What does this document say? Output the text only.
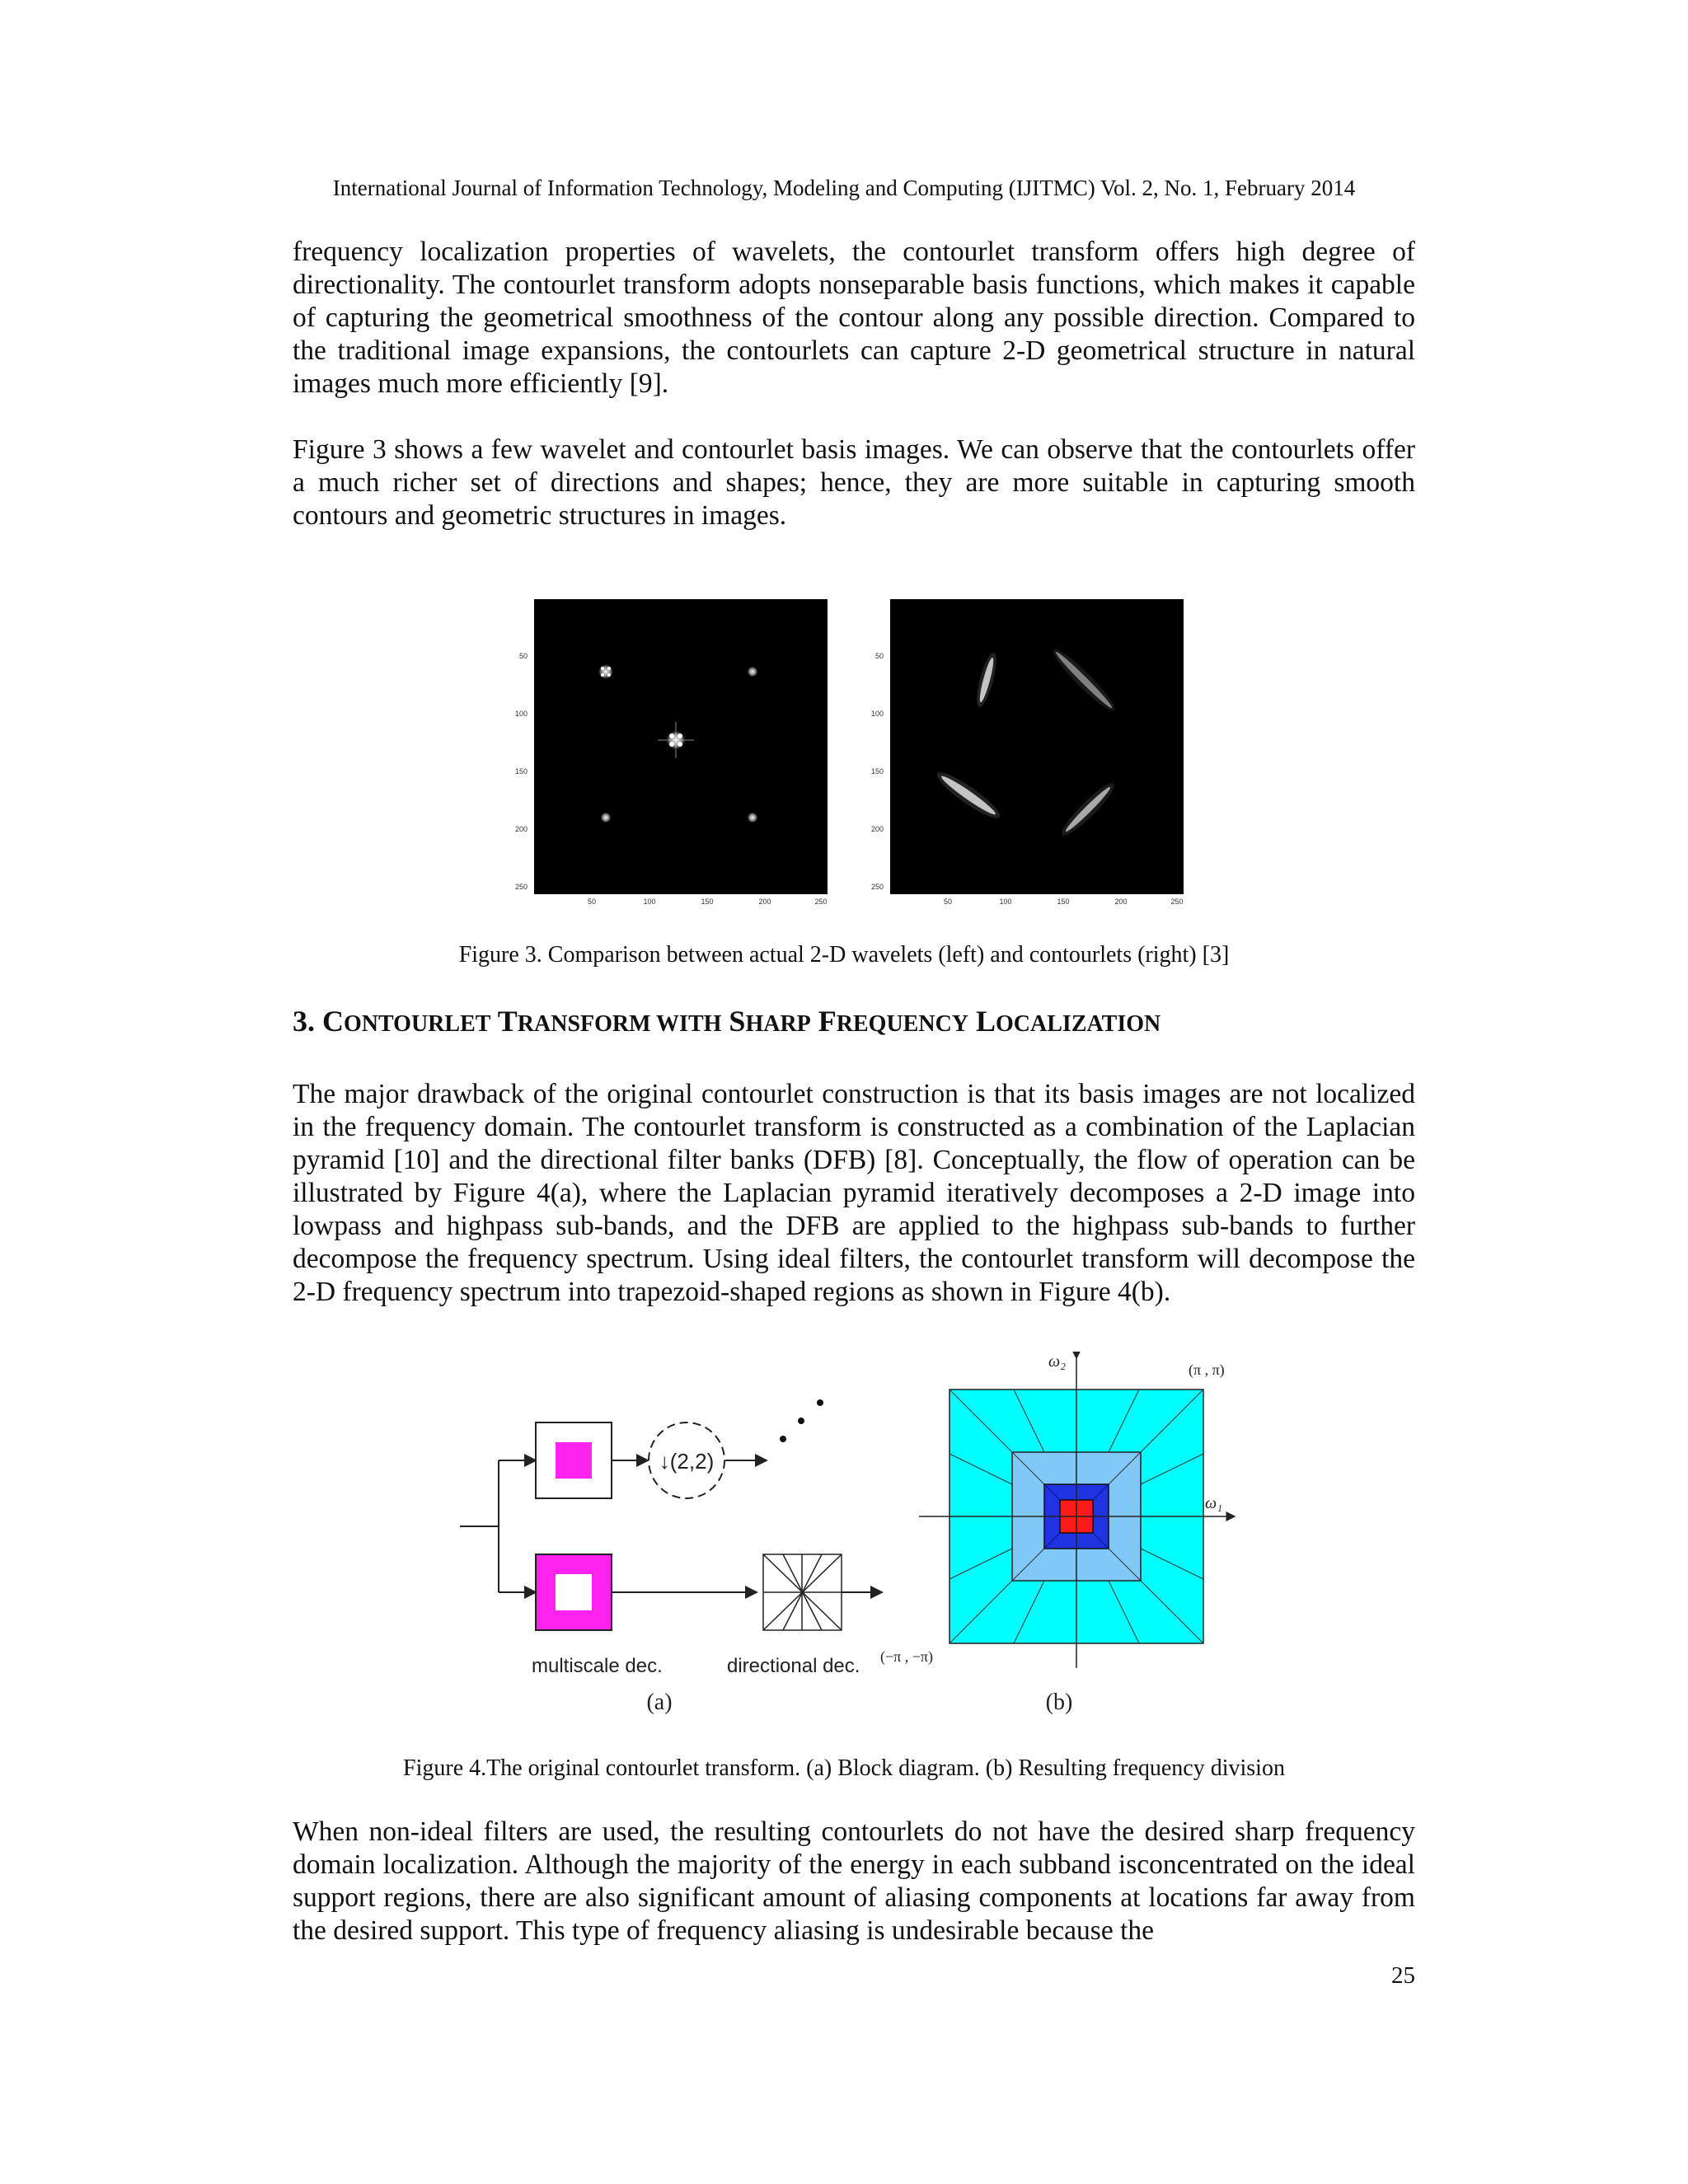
International Journal of Information Technology, Modeling and Computing (IJITMC) Vol. 2, No. 1, February 2014
frequency localization properties of wavelets, the contourlet transform offers high degree of directionality. The contourlet transform adopts nonseparable basis functions, which makes it capable of capturing the geometrical smoothness of the contour along any possible direction. Compared to the traditional image expansions, the contourlets can capture 2-D geometrical structure in natural images much more efficiently [9].
Figure 3 shows a few wavelet and contourlet basis images. We can observe that the contourlets offer a much richer set of directions and shapes; hence, they are more suitable in capturing smooth contours and geometric structures in images.
50
100
150
200
250
50	100	150	200	250
50
100
150
200
250
50	100	150	200	250
Figure 3. Comparison between actual 2-D wavelets (left) and contourlets (right) [3]
3. CONTOURLET TRANSFORM WITH SHARP FREQUENCY LOCALIZATION
The major drawback of the original contourlet construction is that its basis images are not localized in the frequency domain. The contourlet transform is constructed as a combination of the Laplacian pyramid [10] and the directional filter banks (DFB) [8]. Conceptually, the flow of operation can be illustrated by Figure 4(a), where the Laplacian pyramid iteratively decomposes a 2-D image into lowpass and highpass sub-bands, and the DFB are applied to the highpass sub-bands to further decompose the frequency spectrum. Using ideal filters, the contourlet transform will decompose the 2-D frequency spectrum into trapezoid-shaped regions as shown in Figure 4(b).
↓(2,2)
multiscale dec.	directional dec.
(a)
ω₂
ω₁
(π , π)
(−π , −π)
(b)
Figure 4.The original contourlet transform. (a) Block diagram. (b) Resulting frequency division
When non-ideal filters are used, the resulting contourlets do not have the desired sharp frequency domain localization. Although the majority of the energy in each subband isconcentrated on the ideal support regions, there are also significant amount of aliasing components at locations far away from the desired support. This type of frequency aliasing is undesirable because the
25
